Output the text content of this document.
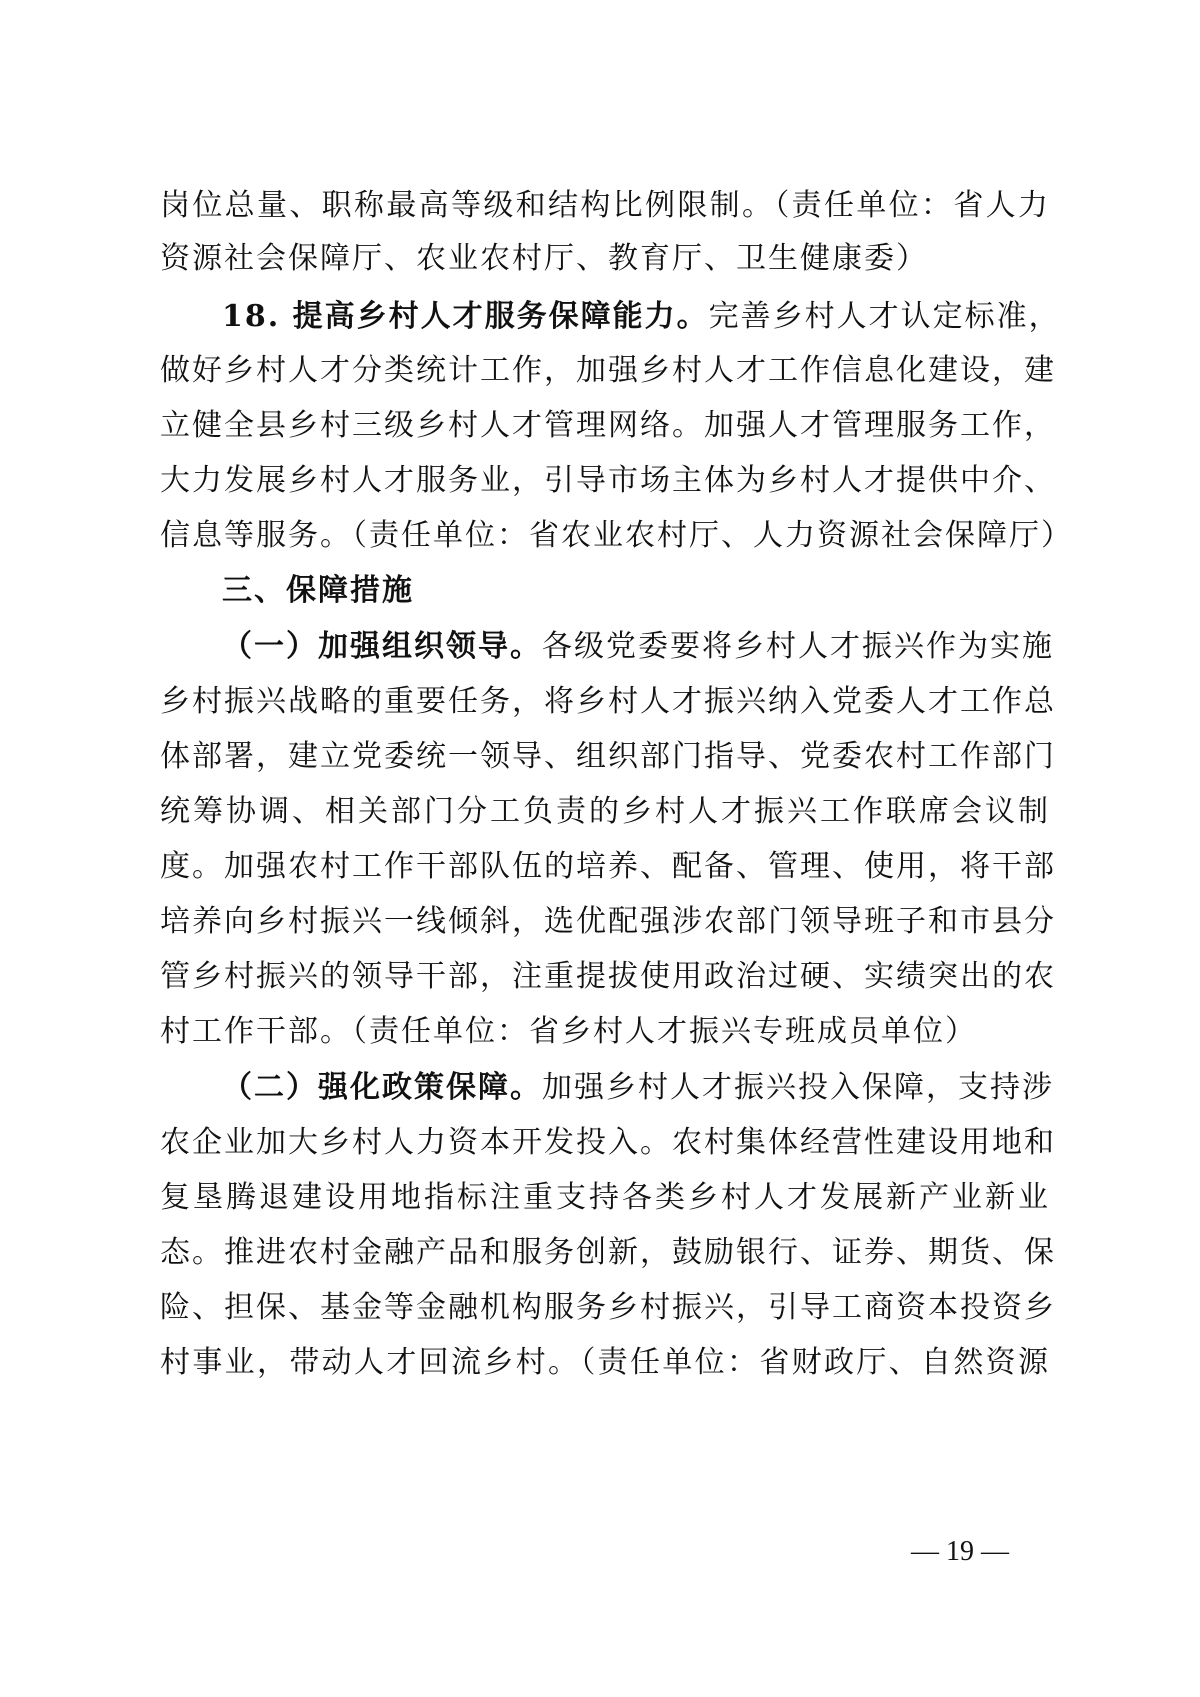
岗位总量、职称最高等级和结构比例限制。（责任单位：省人力
资源社会保障厅、农业农村厅、教育厅、卫生健康委）
18. 提高乡村人才服务保障能力。完善乡村人才认定标准，
做好乡村人才分类统计工作，加强乡村人才工作信息化建设，建
立健全县乡村三级乡村人才管理网络。加强人才管理服务工作，
大力发展乡村人才服务业，引导市场主体为乡村人才提供中介、
信息等服务。（责任单位：省农业农村厅、人力资源社会保障厅）
三、保障措施
（一）加强组织领导。各级党委要将乡村人才振兴作为实施
乡村振兴战略的重要任务，将乡村人才振兴纳入党委人才工作总
体部署，建立党委统一领导、组织部门指导、党委农村工作部门
统筹协调、相关部门分工负责的乡村人才振兴工作联席会议制
度。加强农村工作干部队伍的培养、配备、管理、使用，将干部
培养向乡村振兴一线倾斜，选优配强涉农部门领导班子和市县分
管乡村振兴的领导干部，注重提拔使用政治过硬、实绩突出的农
村工作干部。（责任单位：省乡村人才振兴专班成员单位）
（二）强化政策保障。加强乡村人才振兴投入保障，支持涉
农企业加大乡村人力资本开发投入。农村集体经营性建设用地和
复垦腾退建设用地指标注重支持各类乡村人才发展新产业新业
态。推进农村金融产品和服务创新，鼓励银行、证券、期货、保
险、担保、基金等金融机构服务乡村振兴，引导工商资本投资乡
村事业，带动人才回流乡村。（责任单位：省财政厅、自然资源
— 19 —
